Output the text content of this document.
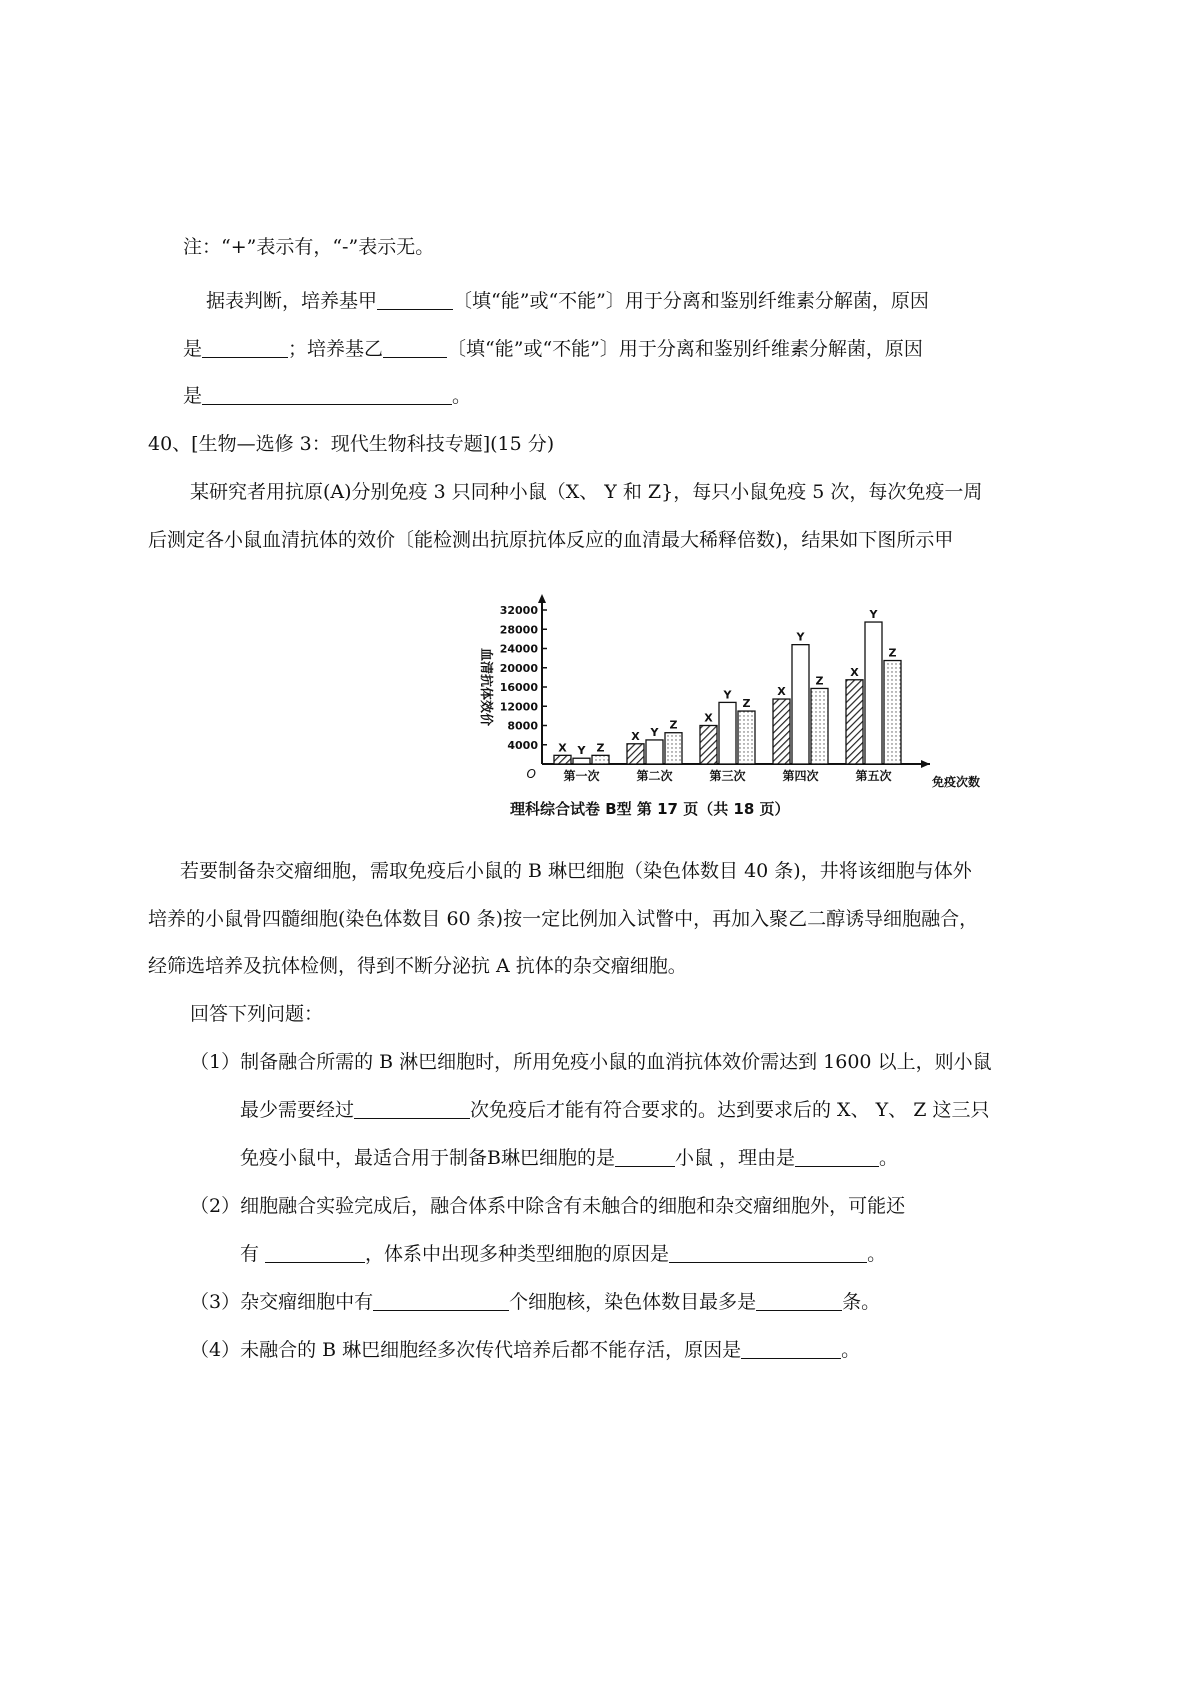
注：“+”表示有，“-”表示无。
据表判断，培养基甲	〔填“能”或“不能”〕用于分离和鉴别纤维素分解菌，原因
是	；培养基乙	〔填“能”或“不能”〕用于分离和鉴别纤维素分解菌，原因
是	。
40、[生物—选修 3：现代生物科技专题](15 分)
某研究者用抗原(A)分别免疫 3 只同种小鼠（X、 Y 和 Z}，每只小鼠免疫 5 次，每次免疫一周
后测定各小鼠血清抗体的效价〔能检测出抗原抗体反应的血清最大稀释倍数)，结果如下图所示甲
4000
8000
12000
16000
20000
24000
28000
32000
O
血清抗体效价
X Y Z
第一次
X Y
Z
第二次
X
Y
Z
第三次
X
Y
Z
第四次
X
Y
Z
第五次	免疫次数
理科综合试卷 B型 第 17 页（共 18 页）
若要制备杂交瘤细胞，需取免疫后小鼠的 B 琳巴细胞（染色体数目 40 条)，井将该细胞与体外
培养的小鼠骨四髓细胞(染色体数目 60 条)按一定比例加入试瞥中，再加入聚乙二醇诱导细胞融合，
经筛选培养及抗体检侧，得到不断分泌抗 A 抗体的杂交瘤细胞。
回答下列问题：
（1）制备融合所需的 B 淋巴细胞时，所用免疫小鼠的血消抗体效价需达到 1600 以上，则小鼠
最少需要经过	次免疫后才能有符合要求的。达到要求后的 X、 Y、 Z 这三只
免疫小鼠中，最适合用于制备B琳巴细胞的是	小鼠 ，理由是	。
（2）细胞融合实验完成后，融合体系中除含有未触合的细胞和杂交瘤细胞外，可能还
有	，体系中出现多种类型细胞的原因是	。
（3）杂交瘤细胞中有	个细胞核，染色体数目最多是	条。
（4）未融合的 B 琳巴细胞经多次传代培养后都不能存活，原因是	。
